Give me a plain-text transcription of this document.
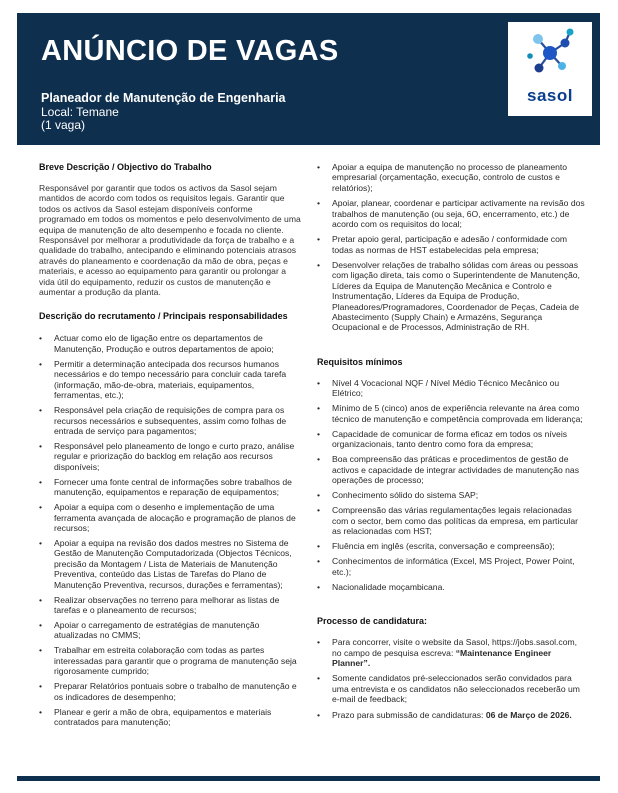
ANÚNCIO DE VAGAS
Planeador de Manutenção de Engenharia
Local: Temane
(1 vaga)
sasol
Breve Descrição / Objectivo do Trabalho
Responsável por garantir que todos os activos da Sasol sejam mantidos de acordo com todos os requisitos legais. Garantir que todos os activos da Sasol estejam disponíveis conforme programado em todos os momentos e pelo desenvolvimento de uma equipa de manutenção de alto desempenho e focada no cliente. Responsável por melhorar a produtividade da força de trabalho e a qualidade do trabalho, antecipando e eliminando potenciais atrasos através do planeamento e coordenação da mão de obra, peças e materiais, e acesso ao equipamento para garantir ou prolongar a vida útil do equipamento, reduzir os custos de manutenção e aumentar a produção da planta.
Descrição do recrutamento / Principais responsabilidades
• Actuar como elo de ligação entre os departamentos de Manutenção, Produção e outros departamentos de apoio;
• Permitir a determinação antecipada dos recursos humanos necessários e do tempo necessário para concluir cada tarefa (informação, mão-de-obra, materiais, equipamentos, ferramentas, etc.);
• Responsável pela criação de requisições de compra para os recursos necessários e subsequentes, assim como folhas de entrada de serviço para pagamentos;
• Responsável pelo planeamento de longo e curto prazo, análise regular e priorização do backlog em relação aos recursos disponíveis;
• Fornecer uma fonte central de informações sobre trabalhos de manutenção, equipamentos e reparação de equipamentos;
• Apoiar a equipa com o desenho e implementação de uma ferramenta avançada de alocação e programação de planos de recursos;
• Apoiar a equipa na revisão dos dados mestres no Sistema de Gestão de Manutenção Computadorizada (Objectos Técnicos, precisão da Montagem / Lista de Materiais de Manutenção Preventiva, conteúdo das Listas de Tarefas do Plano de Manutenção Preventiva, recursos, durações e ferramentas);
• Realizar observações no terreno para melhorar as listas de tarefas e o planeamento de recursos;
• Apoiar o carregamento de estratégias de manutenção atualizadas no CMMS;
• Trabalhar em estreita colaboração com todas as partes interessadas para garantir que o programa de manutenção seja rigorosamente cumprido;
• Preparar Relatórios pontuais sobre o trabalho de manutenção e os indicadores de desempenho;
• Planear e gerir a mão de obra, equipamentos e materiais contratados para manutenção;
• Apoiar a equipa de manutenção no processo de planeamento empresarial (orçamentação, execução, controlo de custos e relatórios);
• Apoiar, planear, coordenar e participar activamente na revisão dos trabalhos de manutenção (ou seja, 6O, encerramento, etc.) de acordo com os requisitos do local;
• Pretar apoio geral, participação e adesão / conformidade com todas as normas de HST estabelecidas pela empresa;
• Desenvolver relações de trabalho sólidas com áreas ou pessoas com ligação direta, tais como o Superintendente de Manutenção, Líderes da Equipa de Manutenção Mecânica e Controlo e Instrumentação, Líderes da Equipa de Produção, Planeadores/Programadores, Coordenador de Peças, Cadeia de Abastecimento (Supply Chain) e Armazéns, Segurança Ocupacional e de Processos, Administração de RH.
Requisitos mínimos
• Nível 4 Vocacional NQF / Nível Médio Técnico Mecânico ou Elétrico;
• Mínimo de 5 (cinco) anos de experiência relevante na área como técnico de manutenção e competência comprovada em liderança;
• Capacidade de comunicar de forma eficaz em todos os níveis organizacionais, tanto dentro como fora da empresa;
• Boa compreensão das práticas e procedimentos de gestão de activos e capacidade de integrar actividades de manutenção nas operações de processo;
• Conhecimento sólido do sistema SAP;
• Compreensão das várias regulamentações legais relacionadas com o sector, bem como das políticas da empresa, em particular as relacionadas com HST;
• Fluência em inglês (escrita, conversação e compreensão);
• Conhecimentos de informática (Excel, MS Project, Power Point, etc.);
• Nacionalidade moçambicana.
Processo de candidatura:
• Para concorrer, visite o website da Sasol, https://jobs.sasol.com, no campo de pesquisa escreva: “Maintenance Engineer Planner”.
• Somente candidatos pré-seleccionados serão convidados para uma entrevista e os candidatos não seleccionados receberão um e-mail de feedback;
• Prazo para submissão de candidaturas: 06 de Março de 2026.
